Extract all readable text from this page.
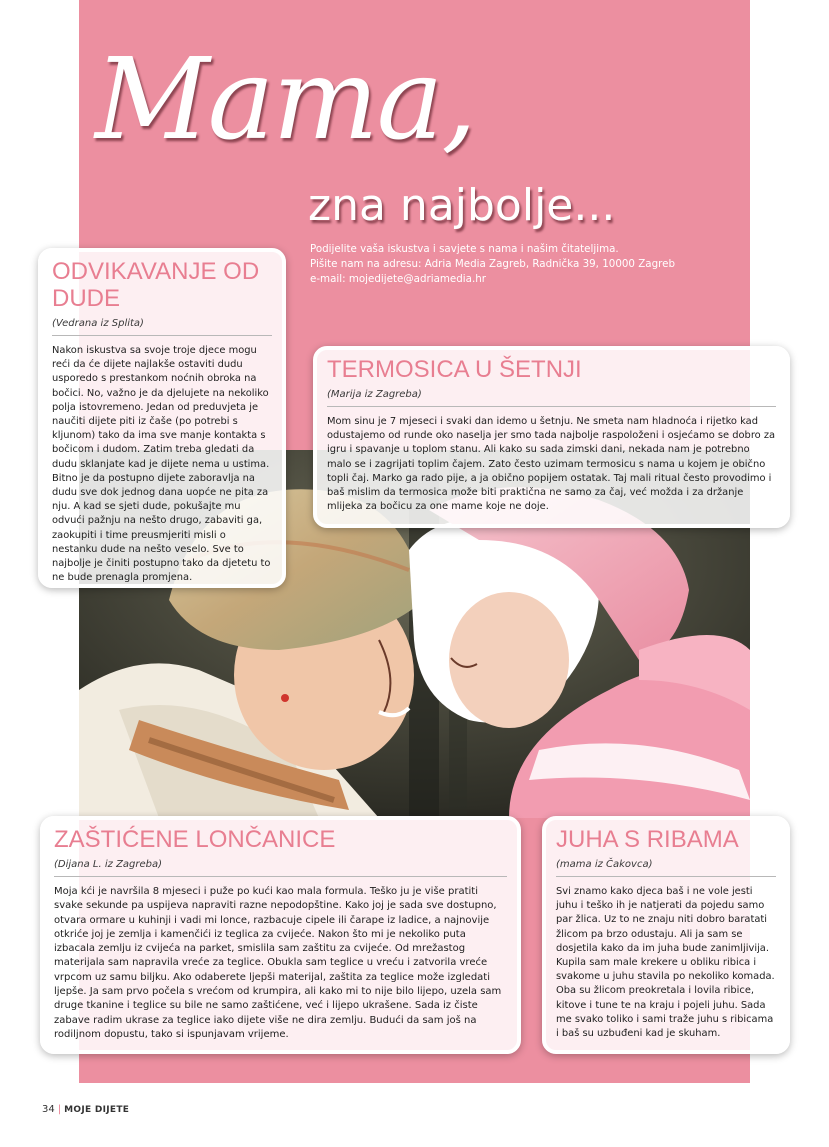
Mama,
zna najbolje...
Podijelite vaša iskustva i savjete s nama i našim čitateljima.
Pišite nam na adresu: Adria Media Zagreb, Radnička 39, 10000 Zagreb
e-mail: mojedijete@adriamedia.hr
ODVIKAVANJE OD DUDE
(Vedrana iz Splita)

Nakon iskustva sa svoje troje djece mogu reći da će dijete najlakše ostaviti dudu usporedo s prestankom noćnih obroka na bočici. No, važno je da djelujete na nekoliko polja istovremeno. Jedan od preduvjeta je naučiti dijete piti iz čaše (po potrebi s kljunom) tako da ima sve manje kontakta s bočicom i dudom. Zatim treba gledati da dudu sklanjate kad je dijete nema u ustima. Bitno je da postupno dijete zaboravlja na dudu sve dok jednog dana uopće ne pita za nju. A kad se sjeti dude, pokušajte mu odvući pažnju na nešto drugo, zabaviti ga, zaokupiti i time preusmjeriti misli o nestanku dude na nešto veselo. Sve to najbolje je činiti postupno tako da djetetu to ne bude prenagla promjena.

TERMOSICA U ŠETNJI
(Marija iz Zagreba)

Mom sinu je 7 mjeseci i svaki dan idemo u šetnju. Ne smeta nam hladnoća i rijetko kad odustajemo od runde oko naselja jer smo tada najbolje raspoloženi i osjećamo se dobro za igru i spavanje u toplom stanu. Ali kako su sada zimski dani, nekada nam je potrebno malo se i zagrijati toplim čajem. Zato često uzimam termosicu s nama u kojem je obično topli čaj. Marko ga rado pije, a ja obično popijem ostatak. Taj mali ritual često provodimo i baš mislim da termosica može biti praktična ne samo za čaj, već možda i za držanje mlijeka za bočicu za one mame koje ne doje.

ZAŠTIĆENE LONČANICE
(Dijana L. iz Zagreba)

Moja kći je navršila 8 mjeseci i puže po kući kao mala formula. Teško ju je više pratiti svake sekunde pa uspijeva napraviti razne nepodopštine. Kako joj je sada sve dostupno, otvara ormare u kuhinji i vadi mi lonce, razbacuje cipele ili čarape iz ladice, a najnovije otkriće joj je zemlja i kamenčići iz teglica za cvijeće. Nakon što mi je nekoliko puta izbacala zemlju iz cvijeća na parket, smislila sam zaštitu za cvijeće. Od mrežastog materijala sam napravila vreće za teglice. Obukla sam teglice u vreću i zatvorila vreće vrpcom uz samu biljku. Ako odaberete ljepši materijal, zaštita za teglice može izgledati ljepše. Ja sam prvo počela s vrećom od krumpira, ali kako mi to nije bilo lijepo, uzela sam druge tkanine i teglice su bile ne samo zaštićene, već i lijepo ukrašene. Sada iz čiste zabave radim ukrase za teglice iako dijete više ne dira zemlju. Budući da sam još na rodiljnom dopustu, tako si ispunjavam vrijeme.

JUHA S RIBAMA
(mama iz Čakovca)

Svi znamo kako djeca baš i ne vole jesti juhu i teško ih je natjerati da pojedu samo par žlica. Uz to ne znaju niti dobro baratati žlicom pa brzo odustaju. Ali ja sam se dosjetila kako da im juha bude zanimljivija. Kupila sam male krekere u obliku ribica i svakome u juhu stavila po nekoliko komada. Oba su žlicom preokretala i lovila ribice, kitove i tune te na kraju i pojeli juhu. Sada me svako toliko i sami traže juhu s ribicama i baš su uzbuđeni kad je skuham.

34 | MOJE DIJETE
